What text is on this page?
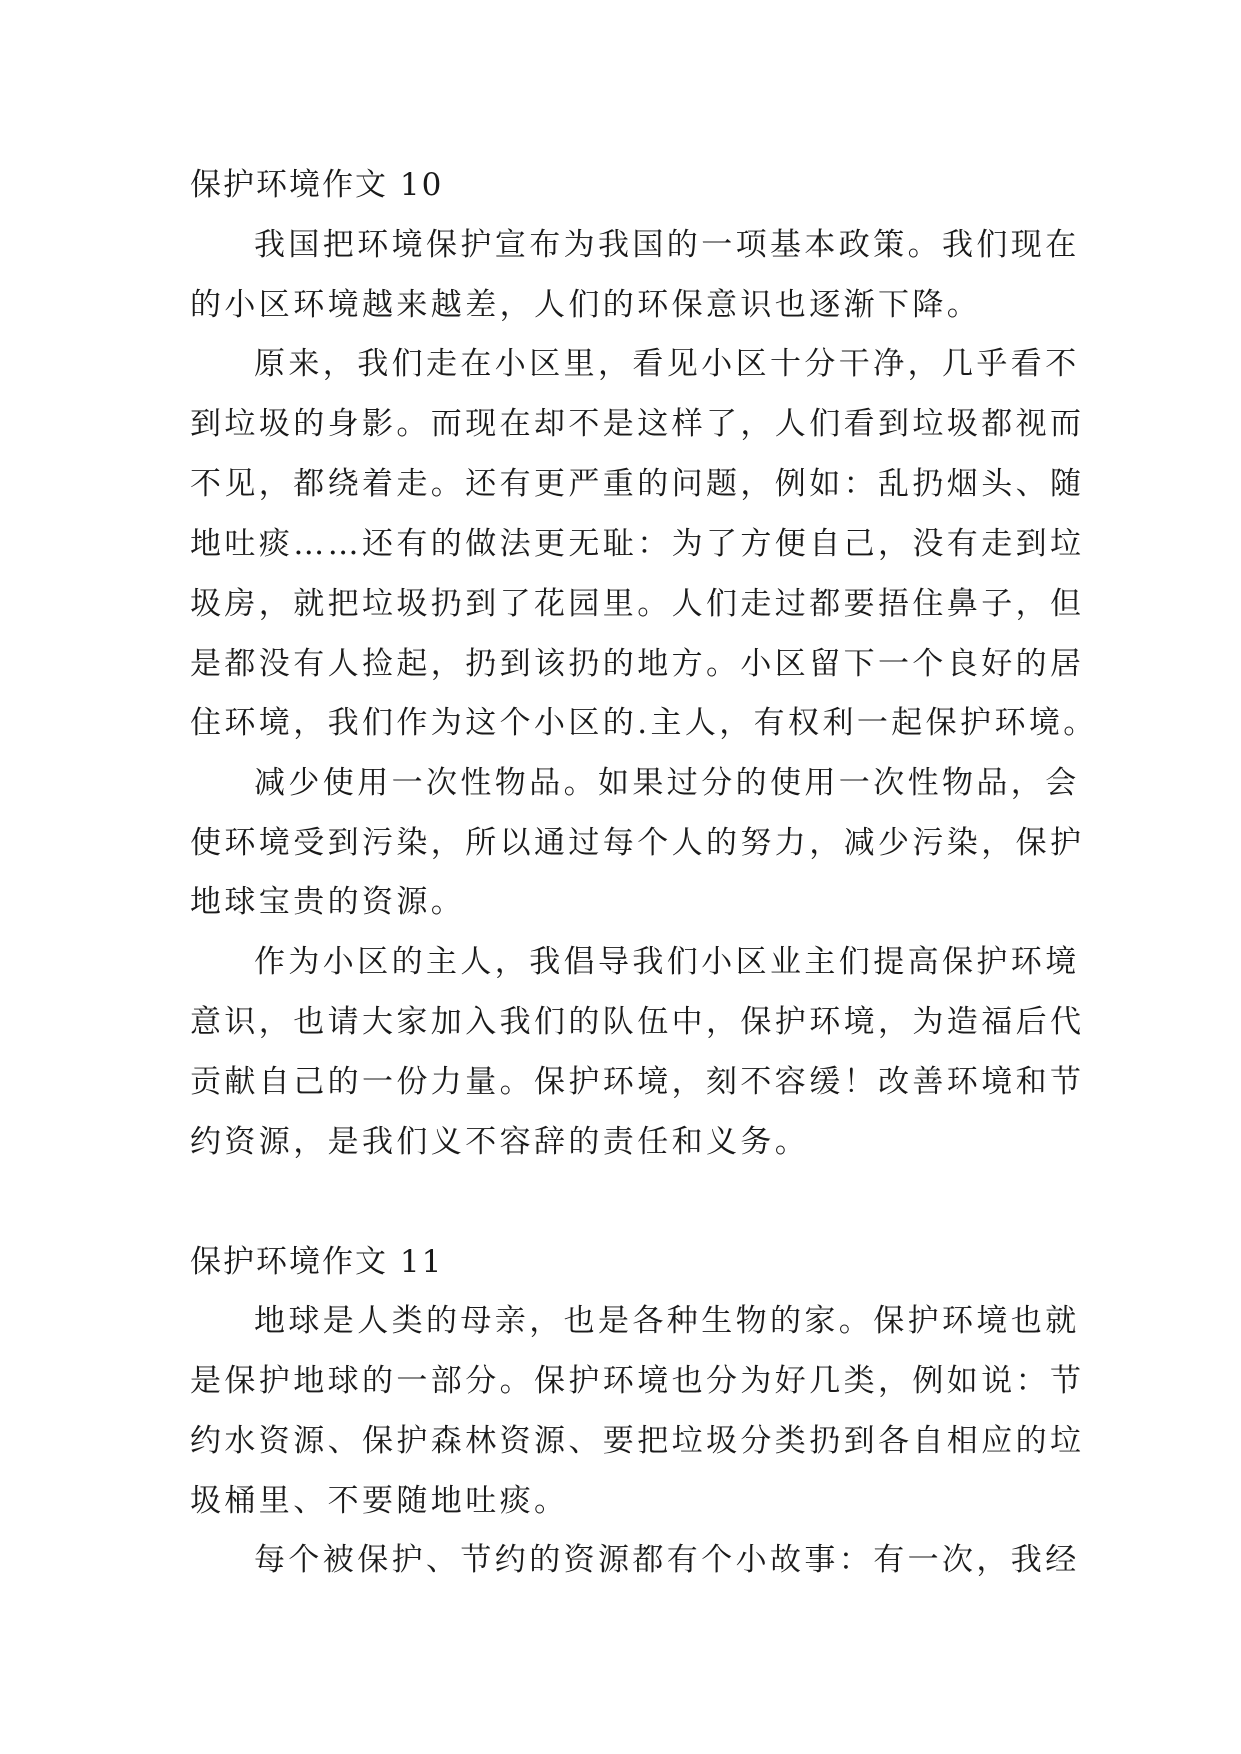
保护环境作文 10
我国把环境保护宣布为我国的一项基本政策。我们现在
的小区环境越来越差，人们的环保意识也逐渐下降。
原来，我们走在小区里，看见小区十分干净，几乎看不
到垃圾的身影。而现在却不是这样了，人们看到垃圾都视而
不见，都绕着走。还有更严重的问题，例如：乱扔烟头、随
地吐痰……还有的做法更无耻：为了方便自己，没有走到垃
圾房，就把垃圾扔到了花园里。人们走过都要捂住鼻子，但
是都没有人捡起，扔到该扔的地方。小区留下一个良好的居
住环境，我们作为这个小区的.主人，有权利一起保护环境。
减少使用一次性物品。如果过分的使用一次性物品，会
使环境受到污染，所以通过每个人的努力，减少污染，保护
地球宝贵的资源。
作为小区的主人，我倡导我们小区业主们提高保护环境
意识，也请大家加入我们的队伍中，保护环境，为造福后代
贡献自己的一份力量。保护环境，刻不容缓！改善环境和节
约资源，是我们义不容辞的责任和义务。
保护环境作文 11
地球是人类的母亲，也是各种生物的家。保护环境也就
是保护地球的一部分。保护环境也分为好几类，例如说：节
约水资源、保护森林资源、要把垃圾分类扔到各自相应的垃
圾桶里、不要随地吐痰。
每个被保护、节约的资源都有个小故事：有一次，我经
